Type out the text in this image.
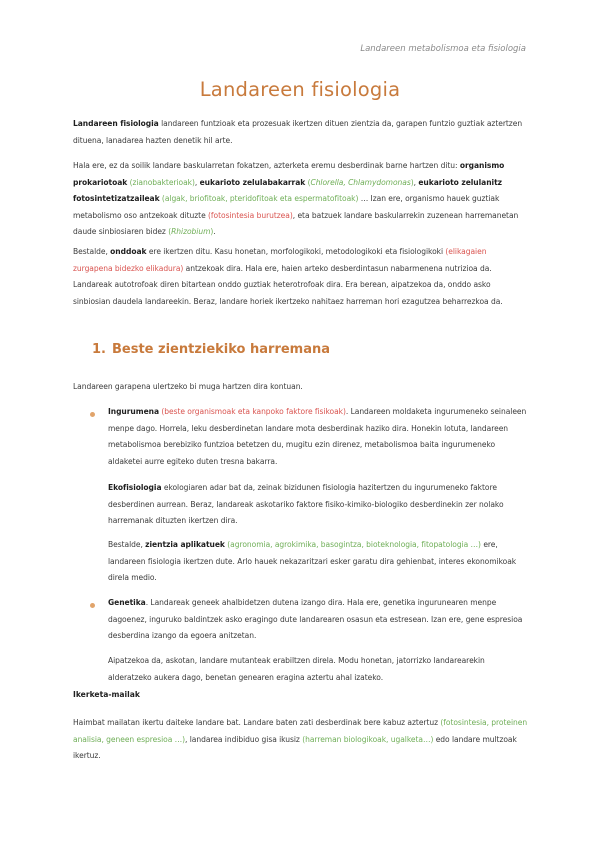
Landareen metabolismoa eta fisiologia
Landareen fisiologia

Landareen fisiologia landareen funtzioak eta prozesuak ikertzen dituen zientzia da, garapen funtzio guztiak aztertzen dituena, lanadarea hazten denetik hil arte.

Hala ere, ez da soilik landare baskularretan fokatzen, azterketa eremu desberdinak barne hartzen ditu: organismo prokariotoak (zianobakterioak), eukarioto zelulabakarrak (Chlorella, Chlamydomonas), eukarioto zelulanitz fotosintetizatzaileak (algak, briofitoak, pteridofitoak eta espermatofitoak) … Izan ere, organismo hauek guztiak metabolismo oso antzekoak dituzte (fotosintesia burutzea), eta batzuek landare baskularrekin zuzenean harremanetan daude sinbiosiaren bidez (Rhizobium).

Bestalde, onddoak ere ikertzen ditu. Kasu honetan, morfologikoki, metodologikoki eta fisiologikoki (elikagaien zurgapena bidezko elikadura) antzekoak dira. Hala ere, haien arteko desberdintasun nabarmenena nutrizioa da. Landareak autotrofoak diren bitartean onddo guztiak heterotrofoak dira. Era berean, aipatzekoa da, onddo asko sinbiosian daudela landareekin. Beraz, landare horiek ikertzeko nahitaez harreman hori ezagutzea beharrezkoa da.

1. Beste zientziekiko harremana

Landareen garapena ulertzeko bi muga hartzen dira kontuan.

Ingurumena (beste organismoak eta kanpoko faktore fisikoak). Landareen moldaketa ingurumeneko seinaleen menpe dago. Horrela, leku desberdinetan landare mota desberdinak haziko dira. Honekin lotuta, landareen metabolismoa berebiziko funtzioa betetzen du, mugitu ezin direnez, metabolismoa baita ingurumeneko aldaketei aurre egiteko duten tresna bakarra.

Ekofisiologia ekologiaren adar bat da, zeinak bizidunen fisiologia hazitertzen du ingurumeneko faktore desberdinen aurrean. Beraz, landareak askotariko faktore fisiko-kimiko-biologiko desberdinekin zer nolako harremanak dituzten ikertzen dira.

Bestalde, zientzia aplikatuek (agronomia, agrokimika, basogintza, bioteknologia, fitopatologia …) ere, landareen fisiologia ikertzen dute. Arlo hauek nekazaritzari esker garatu dira gehienbat, interes ekonomikoak direla medio.

Genetika. Landareak geneek ahalbidetzen dutena izango dira. Hala ere, genetika ingurunearen menpe dagoenez, inguruko baldintzek asko eragingo dute landarearen osasun eta estresean. Izan ere, gene espresioa desberdina izango da egoera anitzetan.

Aipatzekoa da, askotan, landare mutanteak erabiltzen direla. Modu honetan, jatorrizko landarearekin alderatzeko aukera dago, benetan genearen eragina aztertu ahal izateko.

Ikerketa-mailak

Haimbat mailatan ikertu daiteke landare bat. Landare baten zati desberdinak bere kabuz aztertuz (fotosintesia, proteinen analisia, geneen espresioa …), landarea indibiduo gisa ikusiz (harreman biologikoak, ugalketa…) edo landare multzoak ikertuz.
